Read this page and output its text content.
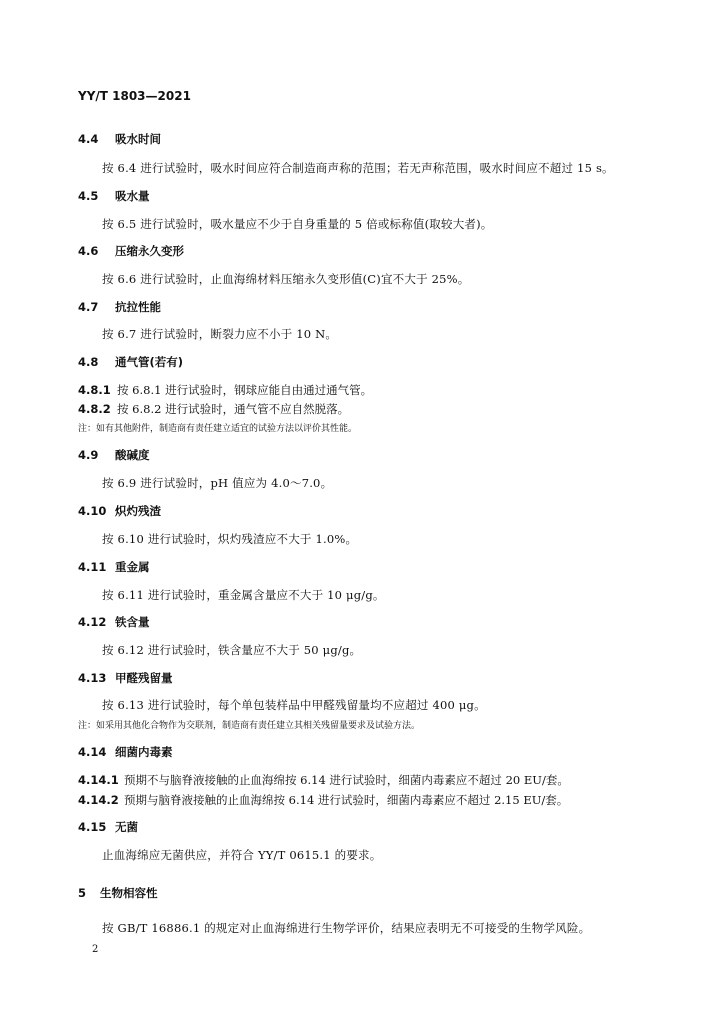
YY/T 1803—2021
4.4 吸水时间
按 6.4 进行试验时，吸水时间应符合制造商声称的范围；若无声称范围，吸水时间应不超过 15 s。
4.5 吸水量
按 6.5 进行试验时，吸水量应不少于自身重量的 5 倍或标称值(取较大者)。
4.6 压缩永久变形
按 6.6 进行试验时，止血海绵材料压缩永久变形值(C)宜不大于 25%。
4.7 抗拉性能
按 6.7 进行试验时，断裂力应不小于 10 N。
4.8 通气管(若有)
4.8.1 按 6.8.1 进行试验时，钢球应能自由通过通气管。
4.8.2 按 6.8.2 进行试验时，通气管不应自然脱落。
注：如有其他附件，制造商有责任建立适宜的试验方法以评价其性能。
4.9 酸碱度
按 6.9 进行试验时，pH 值应为 4.0～7.0。
4.10 炽灼残渣
按 6.10 进行试验时，炽灼残渣应不大于 1.0%。
4.11 重金属
按 6.11 进行试验时，重金属含量应不大于 10 μg/g。
4.12 铁含量
按 6.12 进行试验时，铁含量应不大于 50 μg/g。
4.13 甲醛残留量
按 6.13 进行试验时，每个单包装样品中甲醛残留量均不应超过 400 μg。
注：如采用其他化合物作为交联剂，制造商有责任建立其相关残留量要求及试验方法。
4.14 细菌内毒素
4.14.1 预期不与脑脊液接触的止血海绵按 6.14 进行试验时，细菌内毒素应不超过 20 EU/套。
4.14.2 预期与脑脊液接触的止血海绵按 6.14 进行试验时，细菌内毒素应不超过 2.15 EU/套。
4.15 无菌
止血海绵应无菌供应，并符合 YY/T 0615.1 的要求。
5 生物相容性
按 GB/T 16886.1 的规定对止血海绵进行生物学评价，结果应表明无不可接受的生物学风险。
2
